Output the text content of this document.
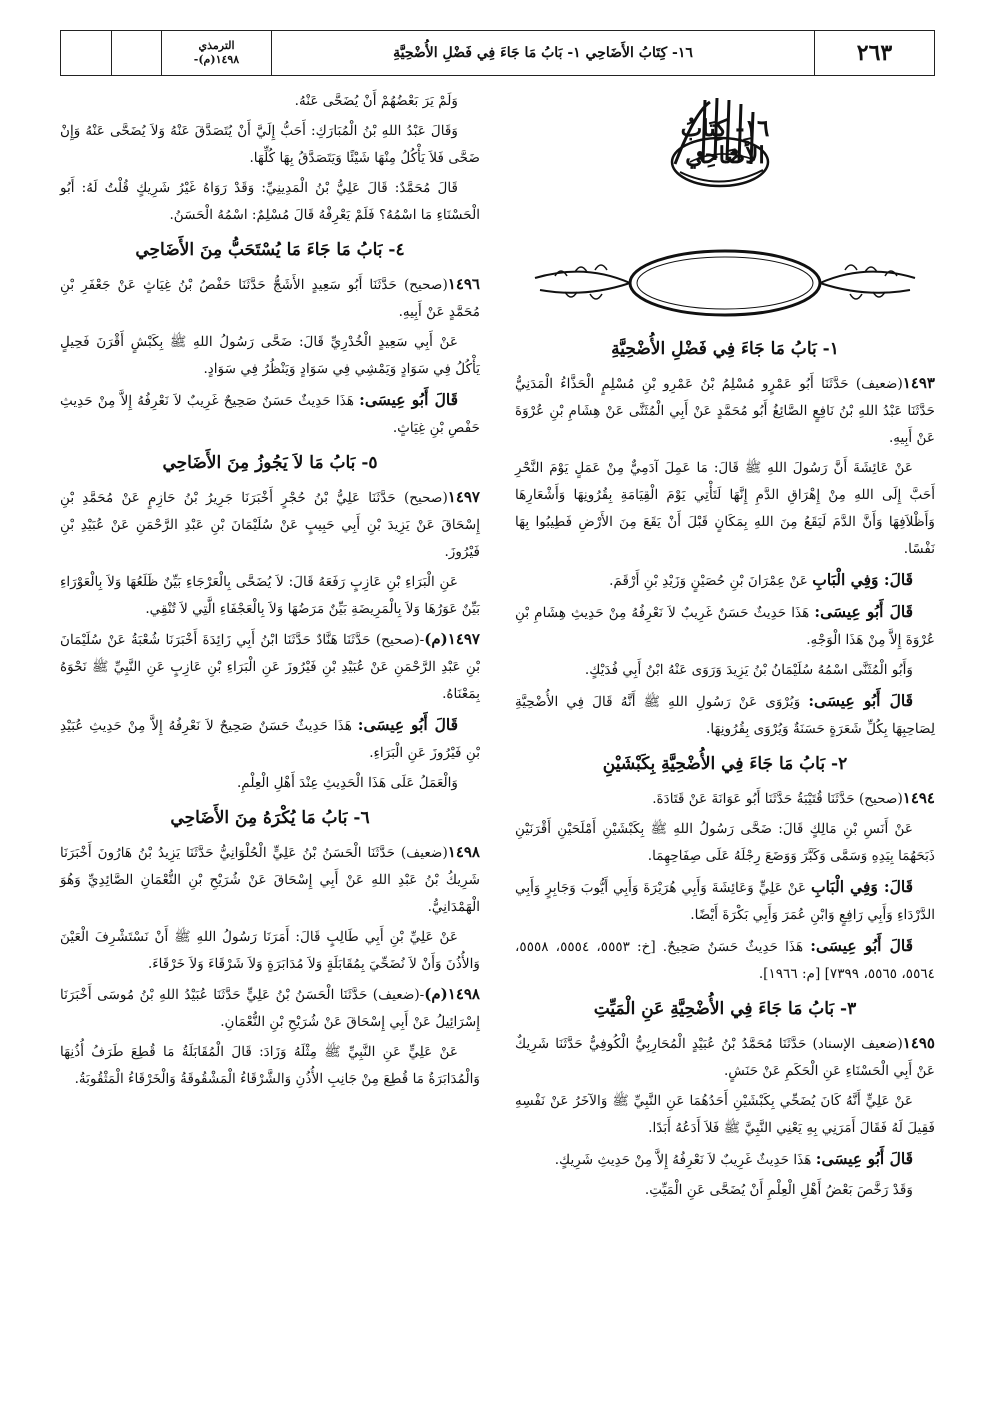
٢٦٣
١٦- كِتَابُ الأَضَاحِي ١- بَابُ مَا جَاءَ فِي فَضْلِ الأُضْحِيَّةِ
الترمذي
١٤٩٨(م)-
١٦- كِتَابُ الأَضَاحِي
١- بَابُ مَا جَاءَ فِي فَضْلِ الأُضْحِيَّةِ

١٤٩٣(ضعيف) حَدَّثَنَا أَبُو عَمْرٍو مُسْلِمُ بْنُ عَمْرِو بْنِ مُسْلِمٍ الْحَذَّاءُ الْمَدَنِيُّ حَدَّثَنَا عَبْدُ اللهِ بْنُ نَافِعٍ الصَّائِغُ أَبُو مُحَمَّدٍ عَنْ أَبِي الْمُثَنَّى عَنْ هِشَامِ بْنِ عُرْوَةَ عَنْ أَبِيهِ.

عَنْ عَائِشَةَ أَنَّ رَسُولَ اللهِ ﷺ قَالَ: مَا عَمِلَ آدَمِيٌّ مِنْ عَمَلٍ يَوْمَ النَّحْرِ أَحَبَّ إِلَى اللهِ مِنْ إِهْرَاقِ الدَّمِ إِنَّهَا لَتَأْتِي يَوْمَ الْقِيَامَةِ بِقُرُونِهَا وَأَشْعَارِهَا وَأَظْلاَفِهَا وَأَنَّ الدَّمَ لَيَقَعُ مِنَ اللهِ بِمَكَانٍ قَبْلَ أَنْ يَقَعَ مِنَ الأَرْضِ فَطِيبُوا بِهَا نَفْسًا.

قَالَ: وَفِي الْبَابِ عَنْ عِمْرَانَ بْنِ حُصَيْنٍ وَزَيْدِ بْنِ أَرْقَمَ.

قَالَ أَبُو عِيسَى: هَذَا حَدِيثٌ حَسَنٌ غَرِيبٌ لاَ نَعْرِفُهُ مِنْ حَدِيثِ هِشَامِ بْنِ عُرْوَةَ إِلاَّ مِنْ هَذَا الْوَجْهِ.

وَأَبُو الْمُثَنَّى اسْمُهُ سُلَيْمَانُ بْنُ يَزِيدَ وَرَوَى عَنْهُ ابْنُ أَبِي فُدَيْكٍ.

قَالَ أَبُو عِيسَى: وَيُرْوَى عَنْ رَسُولِ اللهِ ﷺ أَنَّهُ قَالَ فِي الأُضْحِيَّةِ لِصَاحِبِهَا بِكُلِّ شَعَرَةٍ حَسَنَةٌ وَيُرْوَى بِقُرُونِهَا.

٢- بَابُ مَا جَاءَ فِي الأُضْحِيَّةِ بِكَبْشَيْنِ

١٤٩٤(صحيح) حَدَّثَنَا قُتَيْبَةُ حَدَّثَنَا أَبُو عَوَانَةَ عَنْ قَتَادَةَ.

عَنْ أَنَسِ بْنِ مَالِكٍ قَالَ: ضَحَّى رَسُولُ اللهِ ﷺ بِكَبْشَيْنِ أَمْلَحَيْنِ أَقْرَنَيْنِ ذَبَحَهُمَا بِيَدِهِ وَسَمَّى وَكَبَّرَ وَوَضَعَ رِجْلَهُ عَلَى صِفَاحِهِمَا.

قَالَ: وَفِي الْبَابِ عَنْ عَلِيٍّ وَعَائِشَةَ وَأَبِي هُرَيْرَةَ وَأَبِي أَيُّوبَ وَجَابِرٍ وَأَبِي الدَّرْدَاءِ وَأَبِي رَافِعٍ وَابْنِ عُمَرَ وَأَبِي بَكْرَةَ أَيْضًا.

قَالَ أَبُو عِيسَى: هَذَا حَدِيثٌ حَسَنٌ صَحِيحٌ. [خ: ٥٥٥٣، ٥٥٥٤، ٥٥٥٨، ٥٥٦٤، ٥٥٦٥، ٧٣٩٩] [م: ١٩٦٦].

٣- بَابُ مَا جَاءَ فِي الأُضْحِيَّةِ عَنِ الْمَيِّتِ

١٤٩٥(ضعيف الإسناد) حَدَّثَنَا مُحَمَّدُ بْنُ عُبَيْدٍ الْمُحَارِبِيُّ الْكُوفِيُّ حَدَّثَنَا شَرِيكٌ عَنْ أَبِي الْحَسْنَاءِ عَنِ الْحَكَمِ عَنْ حَنَشٍ.

عَنْ عَلِيٍّ أَنَّهُ كَانَ يُضَحِّي بِكَبْشَيْنِ أَحَدُهُمَا عَنِ النَّبِيِّ ﷺ وَالآخَرُ عَنْ نَفْسِهِ فَقِيلَ لَهُ فَقَالَ أَمَرَنِي بِهِ يَعْنِي النَّبِيَّ ﷺ فَلاَ أَدَعُهُ أَبَدًا.

قَالَ أَبُو عِيسَى: هَذَا حَدِيثٌ غَرِيبٌ لاَ نَعْرِفُهُ إِلاَّ مِنْ حَدِيثِ شَرِيكٍ.

وَقَدْ رَخَّصَ بَعْضُ أَهْلِ الْعِلْمِ أَنْ يُضَحَّى عَنِ الْمَيِّتِ.

وَلَمْ يَرَ بَعْضُهُمْ أَنْ يُضَحَّى عَنْهُ.

وَقَالَ عَبْدُ اللهِ بْنُ الْمُبَارَكِ: أَحَبُّ إِلَيَّ أَنْ يُتَصَدَّقَ عَنْهُ وَلاَ يُضَحَّى عَنْهُ وَإِنْ ضَحَّى فَلاَ يَأْكُلُ مِنْهَا شَيْئًا وَيَتَصَدَّقُ بِهَا كُلِّهَا.

قَالَ مُحَمَّدٌ: قَالَ عَلِيُّ بْنُ الْمَدِينِيِّ: وَقَدْ رَوَاهُ غَيْرُ شَرِيكٍ قُلْتُ لَهُ: أَبُو الْحَسْنَاءِ مَا اسْمُهُ؟ فَلَمْ يَعْرِفْهُ قَالَ مُسْلِمٌ: اسْمُهُ الْحَسَنُ.

٤- بَابُ مَا جَاءَ مَا يُسْتَحَبُّ مِنَ الأَضَاحِي

١٤٩٦(صحيح) حَدَّثَنَا أَبُو سَعِيدٍ الأَشَجُّ حَدَّثَنَا حَفْصُ بْنُ غِيَاثٍ عَنْ جَعْفَرِ بْنِ مُحَمَّدٍ عَنْ أَبِيهِ.

عَنْ أَبِي سَعِيدٍ الْخُدْرِيِّ قَالَ: ضَحَّى رَسُولُ اللهِ ﷺ بِكَبْشٍ أَقْرَنَ فَحِيلٍ يَأْكُلُ فِي سَوَادٍ وَيَمْشِي فِي سَوَادٍ وَيَنْظُرُ فِي سَوَادٍ.

قَالَ أَبُو عِيسَى: هَذَا حَدِيثٌ حَسَنٌ صَحِيحٌ غَرِيبٌ لاَ نَعْرِفُهُ إِلاَّ مِنْ حَدِيثِ حَفْصِ بْنِ غِيَاثٍ.

٥- بَابُ مَا لاَ يَجُوزُ مِنَ الأَضَاحِي

١٤٩٧(صحيح) حَدَّثَنَا عَلِيُّ بْنُ حُجْرٍ أَخْبَرَنَا جَرِيرُ بْنُ حَازِمٍ عَنْ مُحَمَّدِ بْنِ إِسْحَاقَ عَنْ يَزِيدَ بْنِ أَبِي حَبِيبٍ عَنْ سُلَيْمَانَ بْنِ عَبْدِ الرَّحْمَنِ عَنْ عُبَيْدِ بْنِ فَيْرُوزَ.

عَنِ الْبَرَاءِ بْنِ عَازِبٍ رَفَعَهُ قَالَ: لاَ يُضَحَّى بِالْعَرْجَاءِ بَيِّنٌ ظَلَعُهَا وَلاَ بِالْعَوْرَاءِ بَيِّنٌ عَوَرُهَا وَلاَ بِالْمَرِيضَةِ بَيِّنٌ مَرَضُهَا وَلاَ بِالْعَجْفَاءِ الَّتِي لاَ تُنْقِي.

١٤٩٧(م)-(صحيح) حَدَّثَنَا هَنَّادٌ حَدَّثَنَا ابْنُ أَبِي زَائِدَةَ أَخْبَرَنَا شُعْبَةُ عَنْ سُلَيْمَانَ بْنِ عَبْدِ الرَّحْمَنِ عَنْ عُبَيْدِ بْنِ فَيْرُوزَ عَنِ الْبَرَاءِ بْنِ عَازِبٍ عَنِ النَّبِيِّ ﷺ نَحْوَهُ بِمَعْنَاهُ.

قَالَ أَبُو عِيسَى: هَذَا حَدِيثٌ حَسَنٌ صَحِيحٌ لاَ نَعْرِفُهُ إِلاَّ مِنْ حَدِيثِ عُبَيْدِ بْنِ فَيْرُوزَ عَنِ الْبَرَاءِ.

وَالْعَمَلُ عَلَى هَذَا الْحَدِيثِ عِنْدَ أَهْلِ الْعِلْمِ.

٦- بَابُ مَا يُكْرَهُ مِنَ الأَضَاحِي

١٤٩٨(ضعيف) حَدَّثَنَا الْحَسَنُ بْنُ عَلِيٍّ الْحُلْوَانِيُّ حَدَّثَنَا يَزِيدُ بْنُ هَارُونَ أَخْبَرَنَا شَرِيكُ بْنُ عَبْدِ اللهِ عَنْ أَبِي إِسْحَاقَ عَنْ شُرَيْحِ بْنِ النُّعْمَانِ الصَّائِدِيِّ وَهُوَ الْهَمْدَانِيُّ.

عَنْ عَلِيِّ بْنِ أَبِي طَالِبٍ قَالَ: أَمَرَنَا رَسُولُ اللهِ ﷺ أَنْ نَسْتَشْرِفَ الْعَيْنَ وَالأُذُنَ وَأَنْ لاَ نُضَحِّيَ بِمُقَابَلَةٍ وَلاَ مُدَابَرَةٍ وَلاَ شَرْقَاءَ وَلاَ خَرْقَاءَ.

١٤٩٨(م)-(ضعيف) حَدَّثَنَا الْحَسَنُ بْنُ عَلِيٍّ حَدَّثَنَا عُبَيْدُ اللهِ بْنُ مُوسَى أَخْبَرَنَا إِسْرَائِيلُ عَنْ أَبِي إِسْحَاقَ عَنْ شُرَيْحِ بْنِ النُّعْمَانِ.

عَنْ عَلِيٍّ عَنِ النَّبِيِّ ﷺ مِثْلَهُ وَزَادَ: قَالَ الْمُقَابَلَةُ مَا قُطِعَ طَرَفُ أُذُنِهَا وَالْمُدَابَرَةُ مَا قُطِعَ مِنْ جَانِبِ الأُذُنِ وَالشَّرْقَاءُ الْمَشْقُوقَةُ وَالْخَرْقَاءُ الْمَثْقُوبَةُ.
